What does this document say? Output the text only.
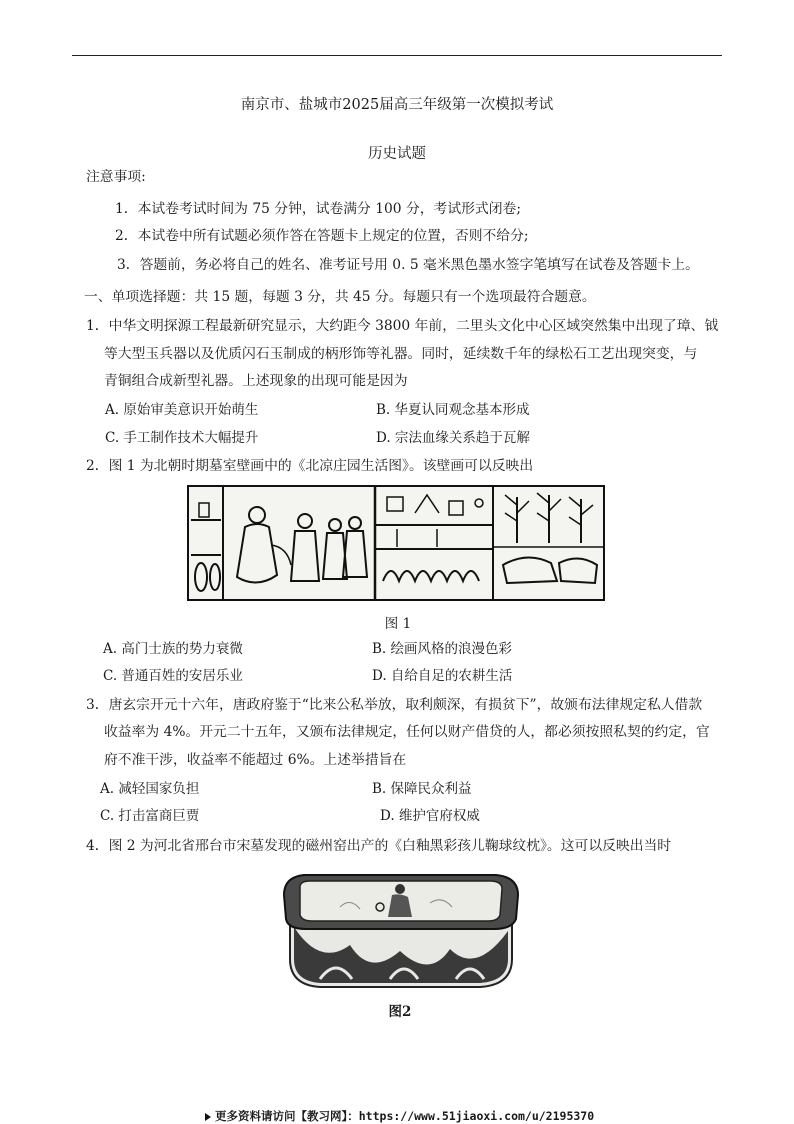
南京市、盐城市2025届高三年级第一次模拟考试
历史试题
注意事项:
1．本试卷考试时间为 75 分钟，试卷满分 100 分，考试形式闭卷;
2．本试卷中所有试题必须作答在答题卡上规定的位置，否则不给分;
3．答题前，务必将自己的姓名、准考证号用 0. 5 毫米黑色墨水签字笔填写在试卷及答题卡上。
一、单项选择题：共 15 题，每题 3 分，共 45 分。每题只有一个选项最符合题意。
1．中华文明探源工程最新研究显示，大约距今 3800 年前，二里头文化中心区域突然集中出现了璋、钺
等大型玉兵器以及优质闪石玉制成的柄形饰等礼器。同时，延续数千年的绿松石工艺出现突变，与
青铜组合成新型礼器。上述现象的出现可能是因为
A. 原始审美意识开始萌生	B. 华夏认同观念基本形成
C. 手工制作技术大幅提升	D. 宗法血缘关系趋于瓦解
2．图 1 为北朝时期墓室壁画中的《北凉庄园生活图》。该壁画可以反映出
图 1
A. 高门士族的势力衰微	B. 绘画风格的浪漫色彩
C. 普通百姓的安居乐业	D. 自给自足的农耕生活
3．唐玄宗开元十六年，唐政府鉴于“比来公私举放，取利颇深，有损贫下”，故颁布法律规定私人借款
收益率为 4%。开元二十五年，又颁布法律规定，任何以财产借贷的人，都必须按照私契的约定，官
府不准干涉，收益率不能超过 6%。上述举措旨在
A. 减轻国家负担	B. 保障民众利益
C. 打击富商巨贾	D. 维护官府权威
4．图 2 为河北省邢台市宋墓发现的磁州窑出产的《白釉黑彩孩儿鞠球纹枕》。这可以反映出当时
图2
更多资料请访问【教习网】：https://www.51jiaoxi.com/u/2195370
